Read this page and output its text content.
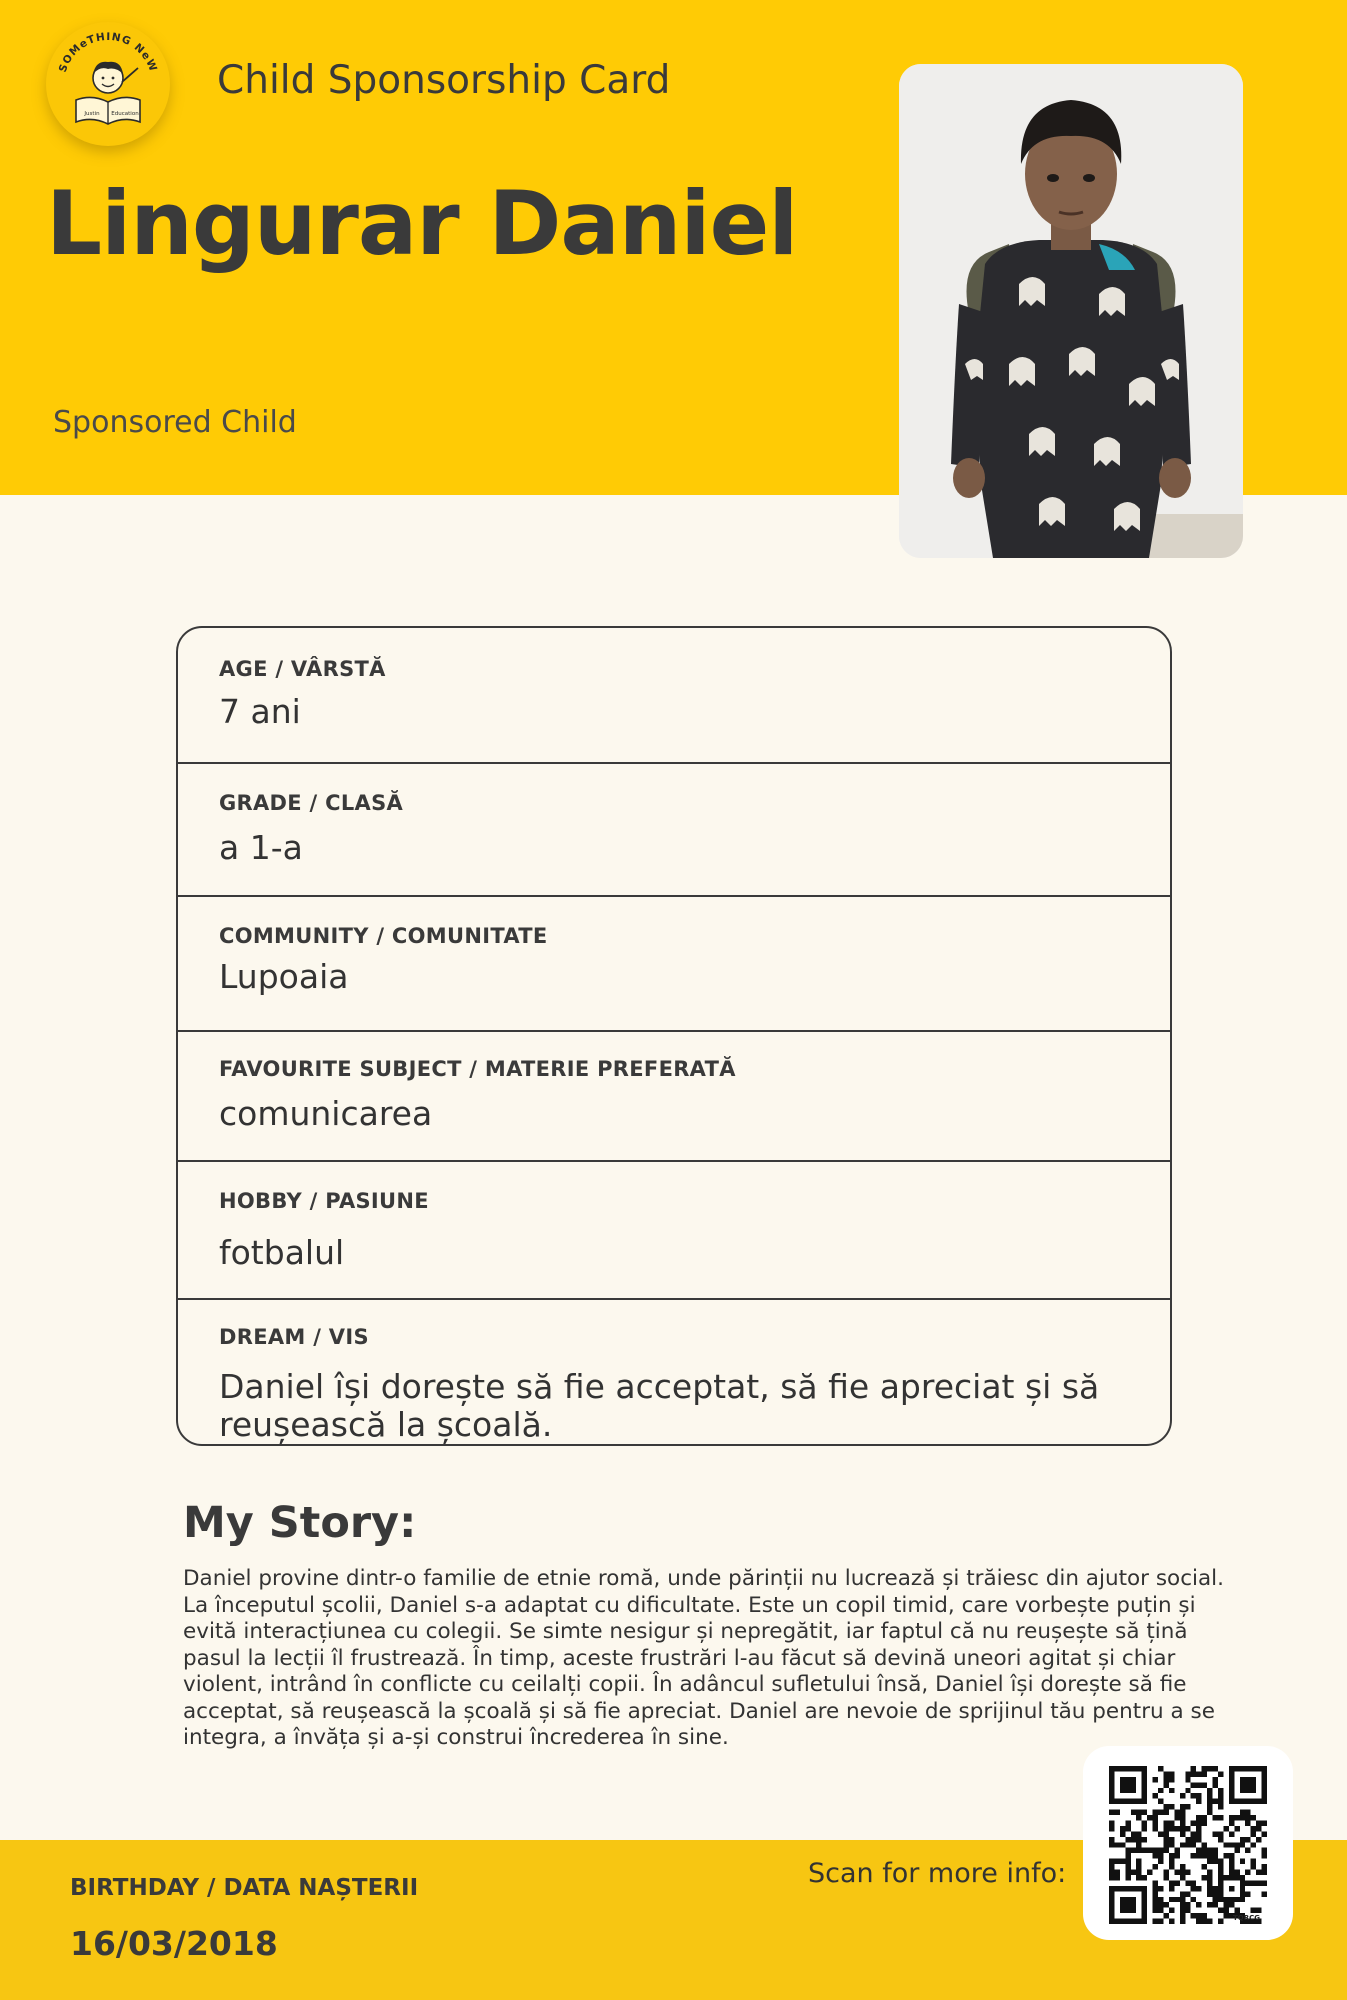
SOMeTHING NeW
Justin Education
Child Sponsorship Card
Lingurar Daniel
Sponsored Child
AGE / VÂRSTĂ
7 ani
GRADE / CLASĂ
a 1-a
COMMUNITY / COMUNITATE
Lupoaia
FAVOURITE SUBJECT / MATERIE PREFERATĂ
comunicarea
HOBBY / PASIUNE
fotbalul
DREAM / VIS
Daniel își dorește să fie acceptat, să fie apreciat și să reușească la școală.
My Story:
Daniel provine dintr-o familie de etnie romă, unde părinții nu lucrează și trăiesc din ajutor social. La începutul școlii, Daniel s-a adaptat cu dificultate. Este un copil timid, care vorbește puțin și evită interacțiunea cu colegii. Se simte nesigur și nepregătit, iar faptul că nu reușește să țină pasul la lecții îl frustrează. În timp, aceste frustrări l-au făcut să devină uneori agitat și chiar violent, intrând în conflicte cu ceilalți copii. În adâncul sufletului însă, Daniel își dorește să fie acceptat, să reușească la școală și să fie apreciat. Daniel are nevoie de sprijinul tău pentru a se integra, a învăța și a-și construi încrederea în sine.
BIRTHDAY / DATA NAȘTERII
16/03/2018
Scan for more info:
TQRCG
